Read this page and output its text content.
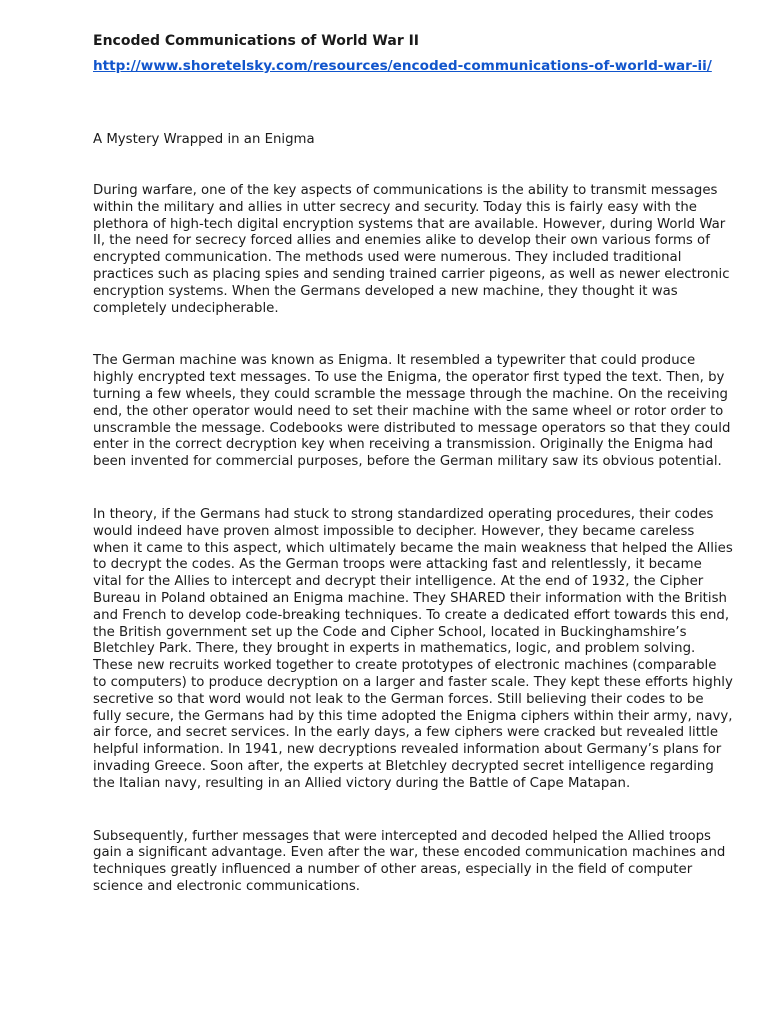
Encoded Communications of World War II
http://www.shoretelsky.com/resources/encoded-communications-of-world-war-ii/
A Mystery Wrapped in an Enigma

During warfare, one of the key aspects of communications is the ability to transmit messages within the military and allies in utter secrecy and security. Today this is fairly easy with the plethora of high-tech digital encryption systems that are available. However, during World War II, the need for secrecy forced allies and enemies alike to develop their own various forms of encrypted communication. The methods used were numerous. They included traditional practices such as placing spies and sending trained carrier pigeons, as well as newer electronic encryption systems. When the Germans developed a new machine, they thought it was completely undecipherable.

The German machine was known as Enigma. It resembled a typewriter that could produce highly encrypted text messages. To use the Enigma, the operator first typed the text. Then, by turning a few wheels, they could scramble the message through the machine. On the receiving end, the other operator would need to set their machine with the same wheel or rotor order to unscramble the message. Codebooks were distributed to message operators so that they could enter in the correct decryption key when receiving a transmission. Originally the Enigma had been invented for commercial purposes, before the German military saw its obvious potential.

In theory, if the Germans had stuck to strong standardized operating procedures, their codes would indeed have proven almost impossible to decipher. However, they became careless when it came to this aspect, which ultimately became the main weakness that helped the Allies to decrypt the codes. As the German troops were attacking fast and relentlessly, it became vital for the Allies to intercept and decrypt their intelligence. At the end of 1932, the Cipher Bureau in Poland obtained an Enigma machine. They SHARED their information with the British and French to develop code-breaking techniques. To create a dedicated effort towards this end, the British government set up the Code and Cipher School, located in Buckinghamshire’s Bletchley Park. There, they brought in experts in mathematics, logic, and problem solving. These new recruits worked together to create prototypes of electronic machines (comparable to computers) to produce decryption on a larger and faster scale. They kept these efforts highly secretive so that word would not leak to the German forces. Still believing their codes to be fully secure, the Germans had by this time adopted the Enigma ciphers within their army, navy, air force, and secret services. In the early days, a few ciphers were cracked but revealed little helpful information. In 1941, new decryptions revealed information about Germany’s plans for invading Greece. Soon after, the experts at Bletchley decrypted secret intelligence regarding the Italian navy, resulting in an Allied victory during the Battle of Cape Matapan.

Subsequently, further messages that were intercepted and decoded helped the Allied troops gain a significant advantage. Even after the war, these encoded communication machines and techniques greatly influenced a number of other areas, especially in the field of computer science and electronic communications.
